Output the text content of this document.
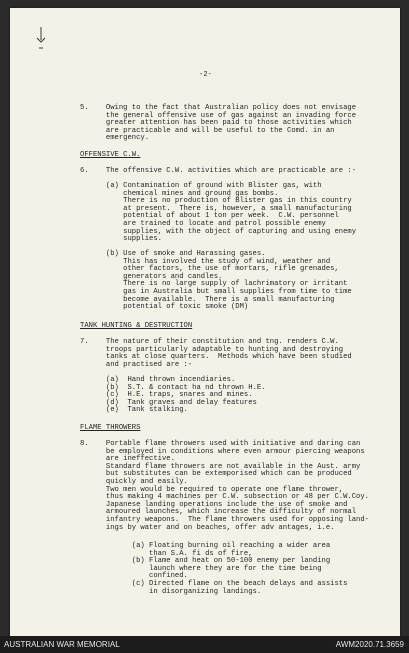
-2-
5.    Owing to the fact that Australian policy does not envisage
the general offensive use of gas against an invading force
greater attention has been paid to those activities which
are practicable and will be useful to the Comd. in an
emergency.
OFFENSIVE C.W.
6.    The offensive C.W. activities which are practicable are :-
(a) Contamination of ground with Blister gas, with
chemical mines and ground gas bombs.
There is no production of Blister gas in this country
at present.  There is, however, a small manufacturing
potential of about 1 ton per week.  C.W. personnel
are trained to locate and patrol possible enemy
supplies, with the object of capturing and using enemy
supplies.
(b) Use of smoke and Harassing gases.
This has involved the study of wind, weather and
other factors, the use of mortars, rifle grenades,
generators and candles.
There is no large supply of lachrimatory or irritant
gas in Australia but small supplies from time to time
become available.  There is a small manufacturing
potential of toxic smoke (DM)
TANK HUNTING & DESTRUCTION
7.    The nature of their constitution and tng. renders C.W.
troops particularly adaptable to hunting and destroying
tanks at close quarters.  Methods which have been studied
and practised are :-
(a)  Hand thrown incendiaries.
(b)  S.T. & contact ha nd thrown H.E.
(c)  H.E. traps, snares and mines.
(d)  Tank graves and delay features
(e)  Tank stalking.
FLAME THROWERS
8.    Portable flame throwers used with initiative and daring can
be employed in conditions where even armour piercing weapons
are ineffective.
Standard flame throwers are not available in the Aust. army
but substitutes can be extemporised which can be produced
quickly and easily.
Two men would be required to operate one flame thrower,
thus making 4 machines per C.W. subsection or 48 per C.W.Coy.
Japanese landing operations include the use of smoke and
armoured launches, which increase the difficulty of normal
infantry weapons.  The flame throwers used for opposing land-
ings by water and on beaches, offer adv antages, i.e.
(a) Floating burning oil reaching a wider area
than S.A. fi ds of fire,
(b) Flame and heat on 50-100 enemy per landing
launch where they are for the time being
confined.
(c) Directed flame on the beach delays and assists
in disorganizing landings.
AUSTRALIAN WAR MEMORIAL	AWM2020.71.3659
